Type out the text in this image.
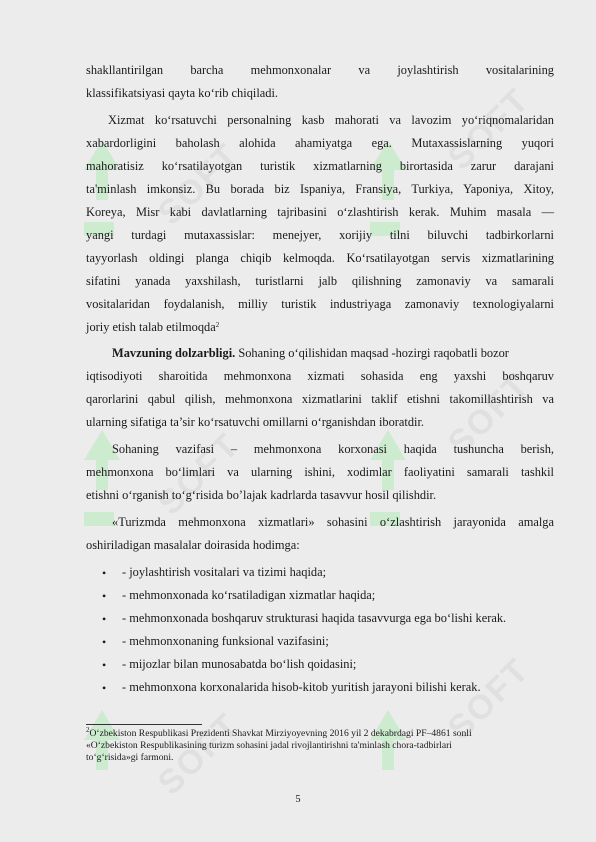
SOFT
SOFT
SOFT
SOFT
SOFT
SOFT
shakllantirilgan barcha mehmonxonalar va joylashtirish vositalarining
klassifikatsiyasi qayta ko‘rib chiqiladi.
Xizmat ko‘rsatuvchi personalning kasb mahorati va lavozim yo‘riqnomalaridan
xabardorligini baholash alohida ahamiyatga ega. Mutaxassislarning yuqori
mahoratisiz ko‘rsatilayotgan turistik xizmatlarning birortasida zarur darajani
ta'minlash imkonsiz. Bu borada biz Ispaniya, Fransiya, Turkiya, Yaponiya, Xitoy,
Koreya, Misr kabi davlatlarning tajribasini o‘zlashtirish kerak. Muhim masala —
yangi turdagi mutaxassislar: menejyer, xorijiy tilni biluvchi tadbirkorlarni
tayyorlash oldingi planga chiqib kelmoqda. Ko‘rsatilayotgan servis xizmatlarining
sifatini yanada yaxshilash, turistlarni jalb qilishning zamonaviy va samarali
vositalaridan foydalanish, milliy turistik industriyaga zamonaviy texnologiyalarni
joriy etish talab etilmoqda$^2$
Mavzuning dolzarbligi. Sohaning o‘qilishidan maqsad -hozirgi raqobatli bozor
iqtisodiyoti sharoitida mehmonxona xizmati sohasida eng yaxshi boshqaruv
qarorlarini qabul qilish, mehmonxona xizmatlarini taklif etishni takomillashtirish va
ularning sifatiga ta’sir ko‘rsatuvchi omillarni o‘rganishdan iboratdir.
Sohaning vazifasi – mehmonxona korxonasi haqida tushuncha berish,
mehmonxona bo‘limlari va ularning ishini, xodimlar faoliyatini samarali tashkil
etishni o‘rganish to‘g‘risida bo’lajak kadrlarda tasavvur hosil qilishdir.
«Turizmda mehmonxona xizmatlari» sohasini o‘zlashtirish jarayonida amalga
oshiriladigan masalalar doirasida hodimga:
• - joylashtirish vositalari va tizimi haqida;
• - mehmonxonada ko‘rsatiladigan xizmatlar haqida;
• - mehmonxonada boshqaruv strukturasi haqida tasavvurga ega bo‘lishi kerak.
• - mehmonxonaning funksional vazifasini;
• - mijozlar bilan munosabatda bo‘lish qoidasini;
• - mehmonxona korxonalarida hisob-kitob yuritish jarayoni bilishi kerak.
$^2$O‘zbekiston Respublikasi Prezidenti Shavkat Mirziyoyevning 2016 yil 2 dekabrdagi PF–4861 sonli
«O‘zbekiston Respublikasining turizm sohasini jadal rivojlantirishni ta'minlash chora-tadbirlari
to‘g‘risida»gi farmoni.
5
